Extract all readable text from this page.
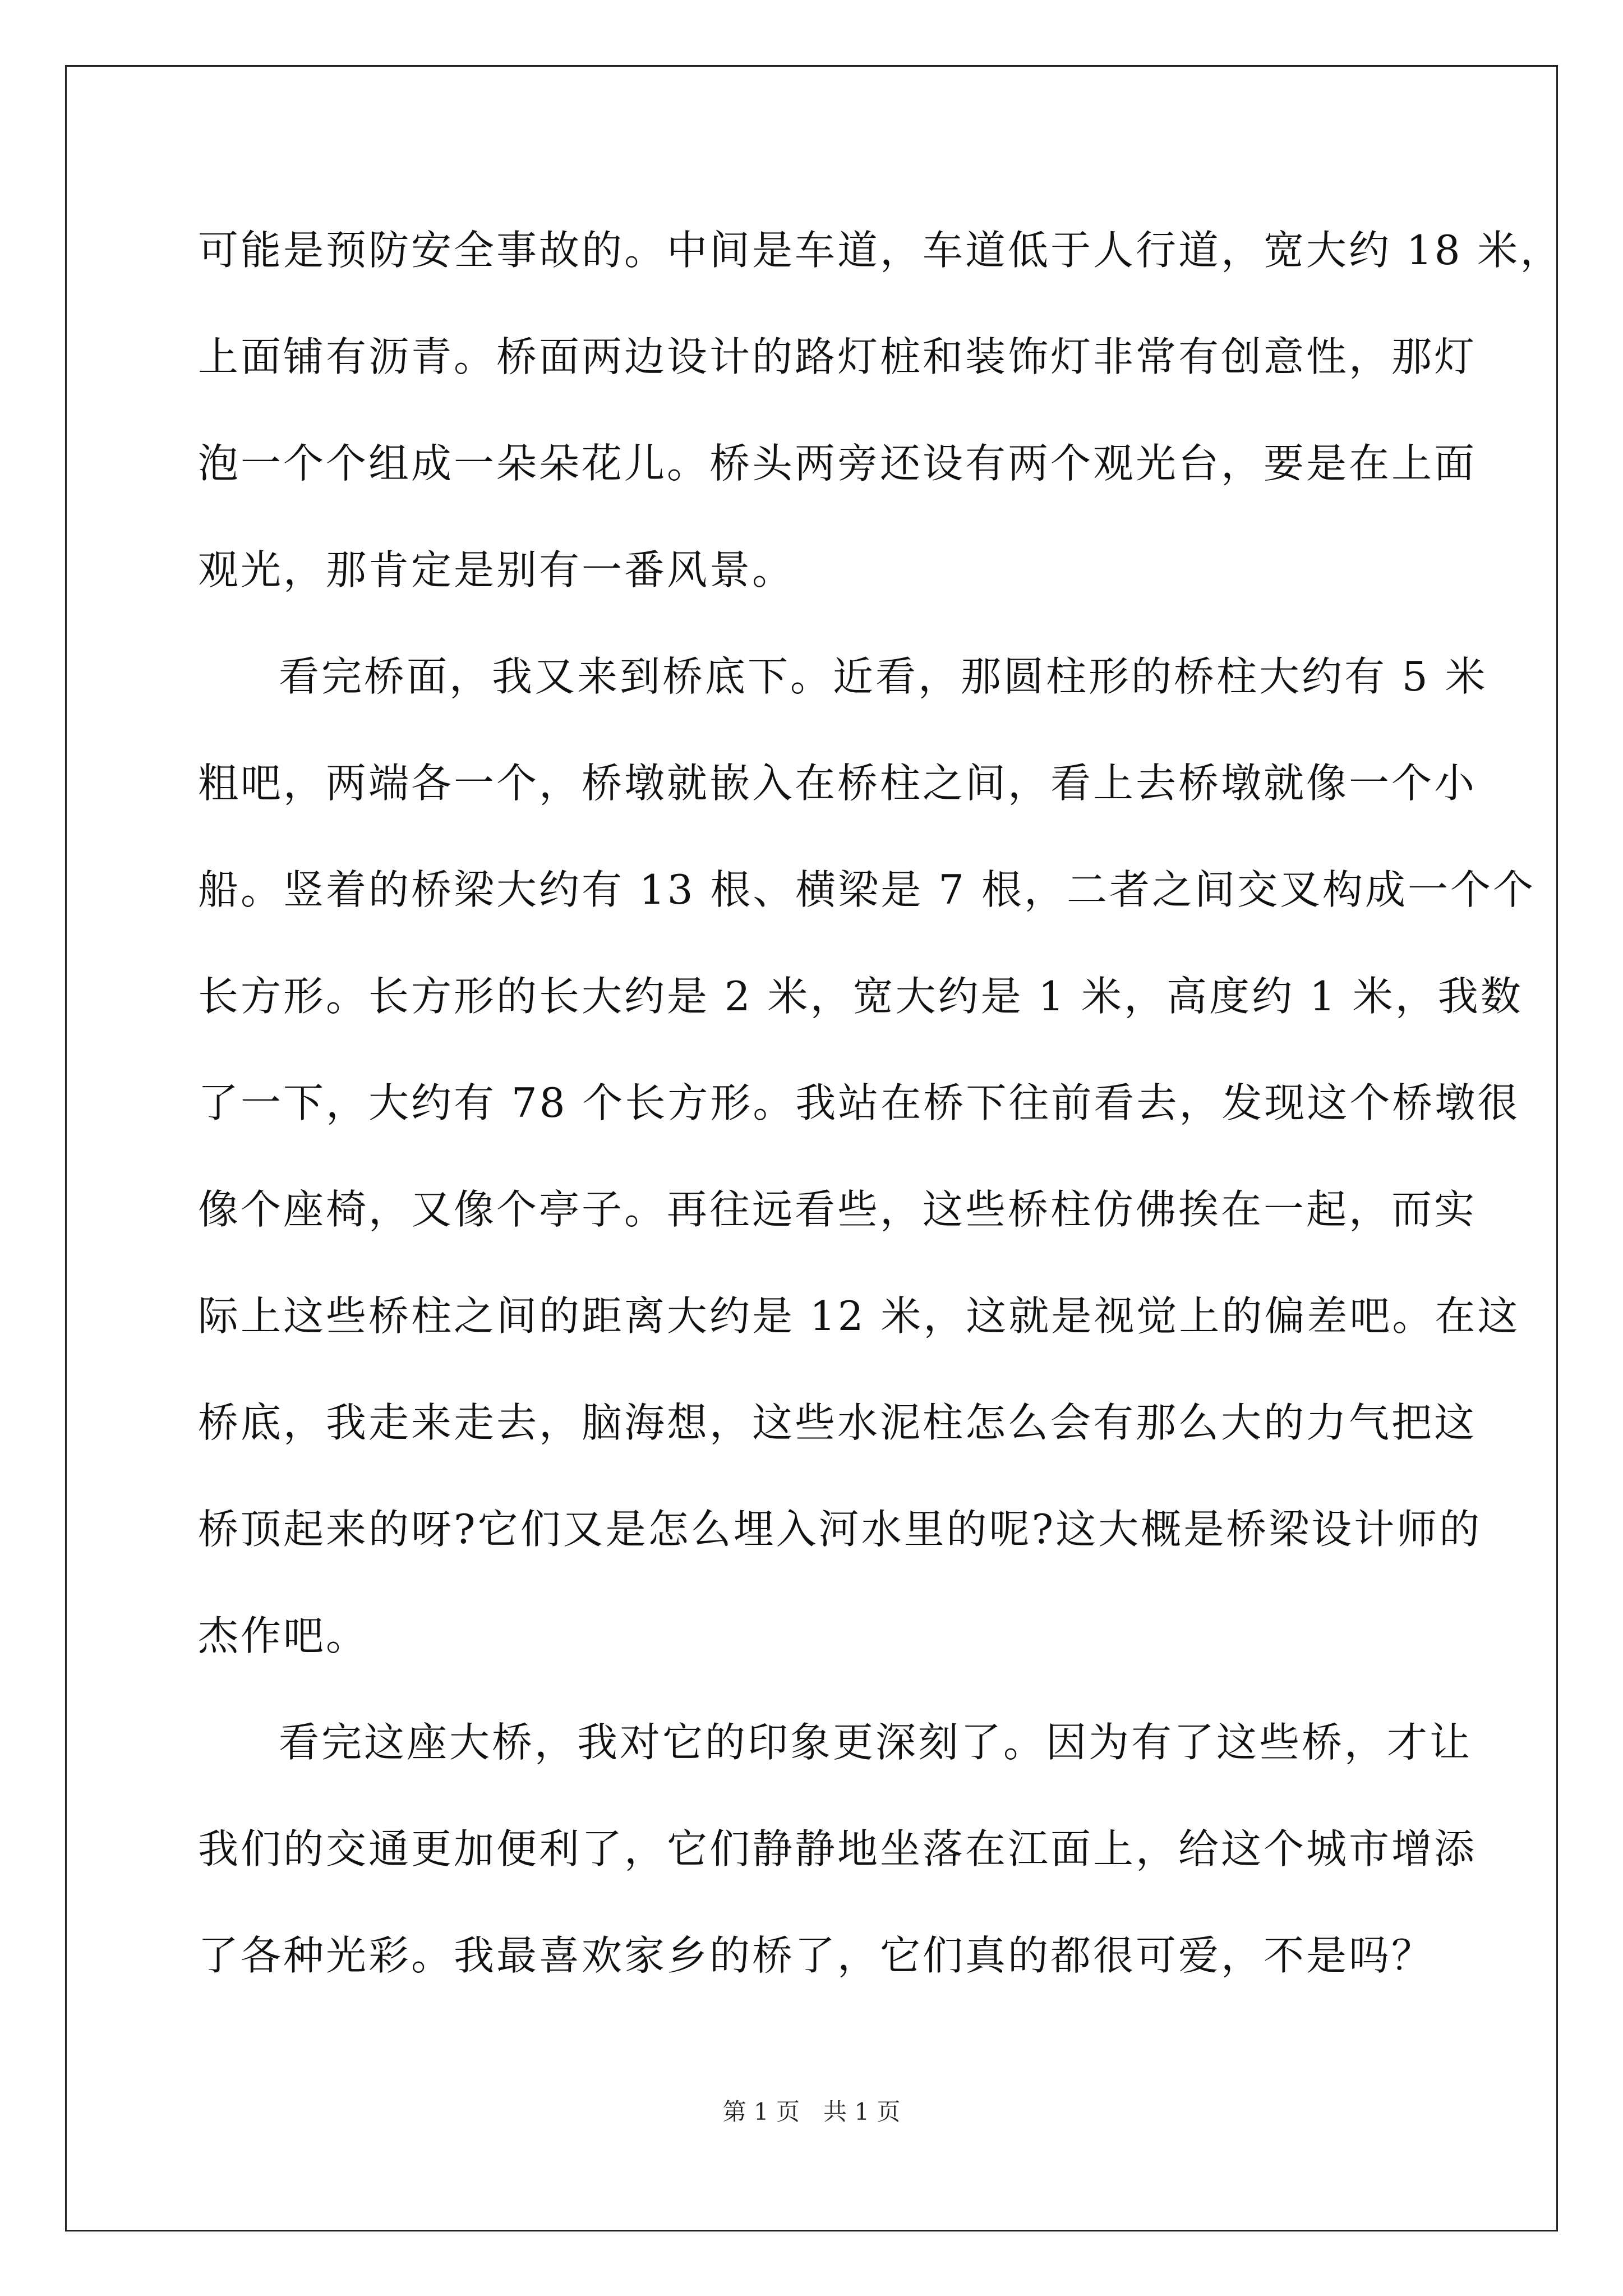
可能是预防安全事故的。中间是车道，车道低于人行道，宽大约 18 米，
上面铺有沥青。桥面两边设计的路灯桩和装饰灯非常有创意性，那灯
泡一个个组成一朵朵花儿。桥头两旁还设有两个观光台，要是在上面
观光，那肯定是别有一番风景。
看完桥面，我又来到桥底下。近看，那圆柱形的桥柱大约有 5 米
粗吧，两端各一个，桥墩就嵌入在桥柱之间，看上去桥墩就像一个小
船。竖着的桥梁大约有 13 根、横梁是 7 根，二者之间交叉构成一个个
长方形。长方形的长大约是 2 米，宽大约是 1 米，高度约 1 米，我数
了一下，大约有 78 个长方形。我站在桥下往前看去，发现这个桥墩很
像个座椅，又像个亭子。再往远看些，这些桥柱仿佛挨在一起，而实
际上这些桥柱之间的距离大约是 12 米，这就是视觉上的偏差吧。在这
桥底，我走来走去，脑海想，这些水泥柱怎么会有那么大的力气把这
桥顶起来的呀?它们又是怎么埋入河水里的呢?这大概是桥梁设计师的
杰作吧。
看完这座大桥，我对它的印象更深刻了。因为有了这些桥，才让
我们的交通更加便利了，它们静静地坐落在江面上，给这个城市增添
了各种光彩。我最喜欢家乡的桥了，它们真的都很可爱，不是吗？
第 1 页　共 1 页
